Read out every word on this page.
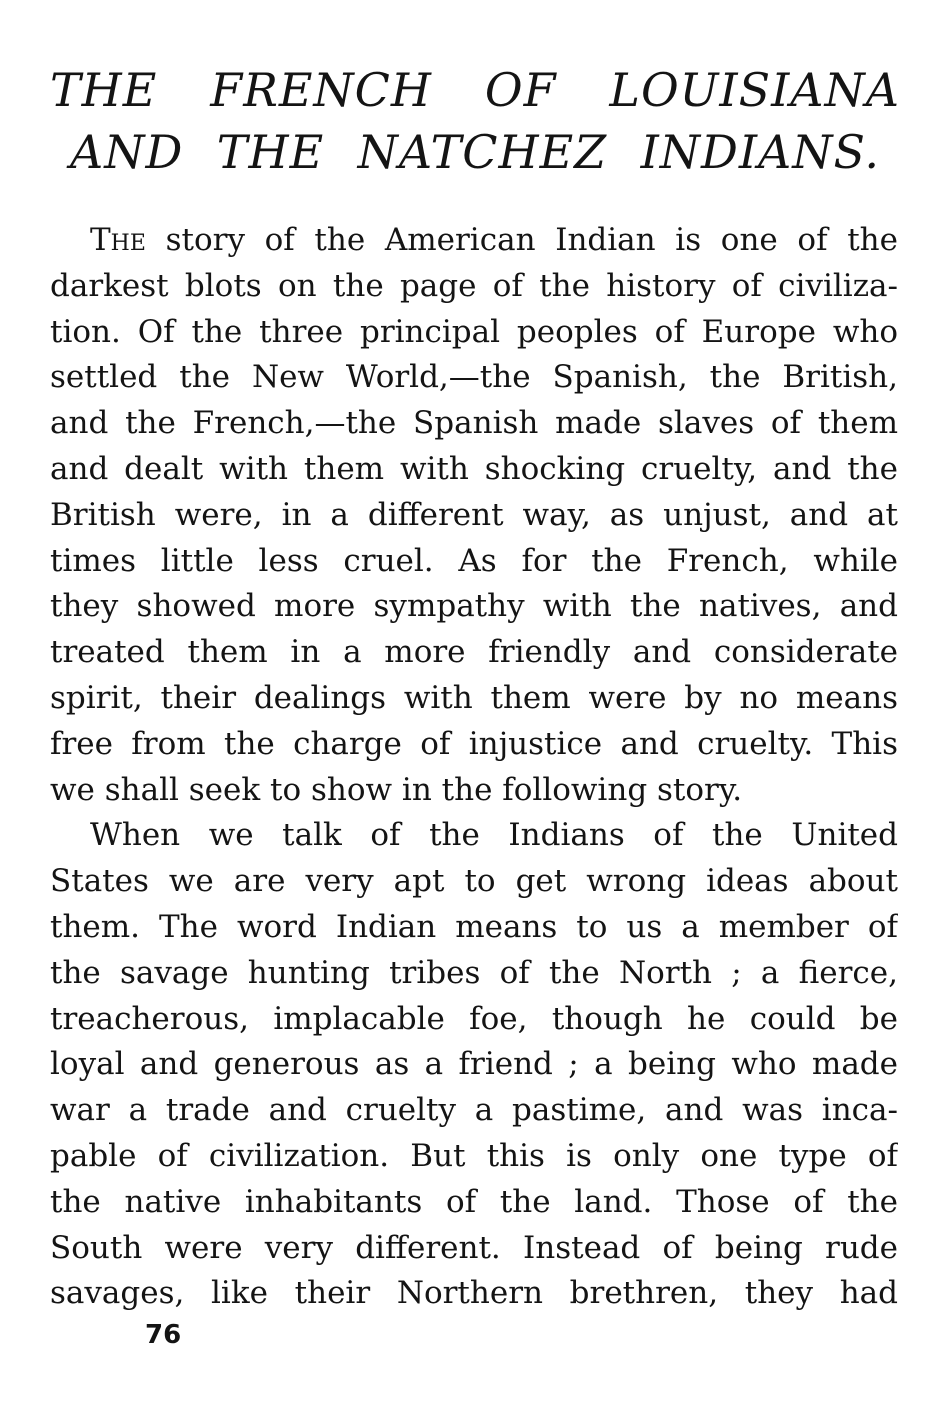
THE FRENCH OF LOUISIANA
AND THE NATCHEZ INDIANS.
The story of the American Indian is one of the
darkest blots on the page of the history of civiliza-
tion. Of the three principal peoples of Europe who
settled the New World,—the Spanish, the British,
and the French,—the Spanish made slaves of them
and dealt with them with shocking cruelty, and the
British were, in a different way, as unjust, and at
times little less cruel. As for the French, while
they showed more sympathy with the natives, and
treated them in a more friendly and considerate
spirit, their dealings with them were by no means
free from the charge of injustice and cruelty. This
we shall seek to show in the following story.
When we talk of the Indians of the United
States we are very apt to get wrong ideas about
them. The word Indian means to us a member of
the savage hunting tribes of the North ; a fierce,
treacherous, implacable foe, though he could be
loyal and generous as a friend ; a being who made
war a trade and cruelty a pastime, and was inca-
pable of civilization. But this is only one type of
the native inhabitants of the land. Those of the
South were very different. Instead of being rude
savages, like their Northern brethren, they had
76
